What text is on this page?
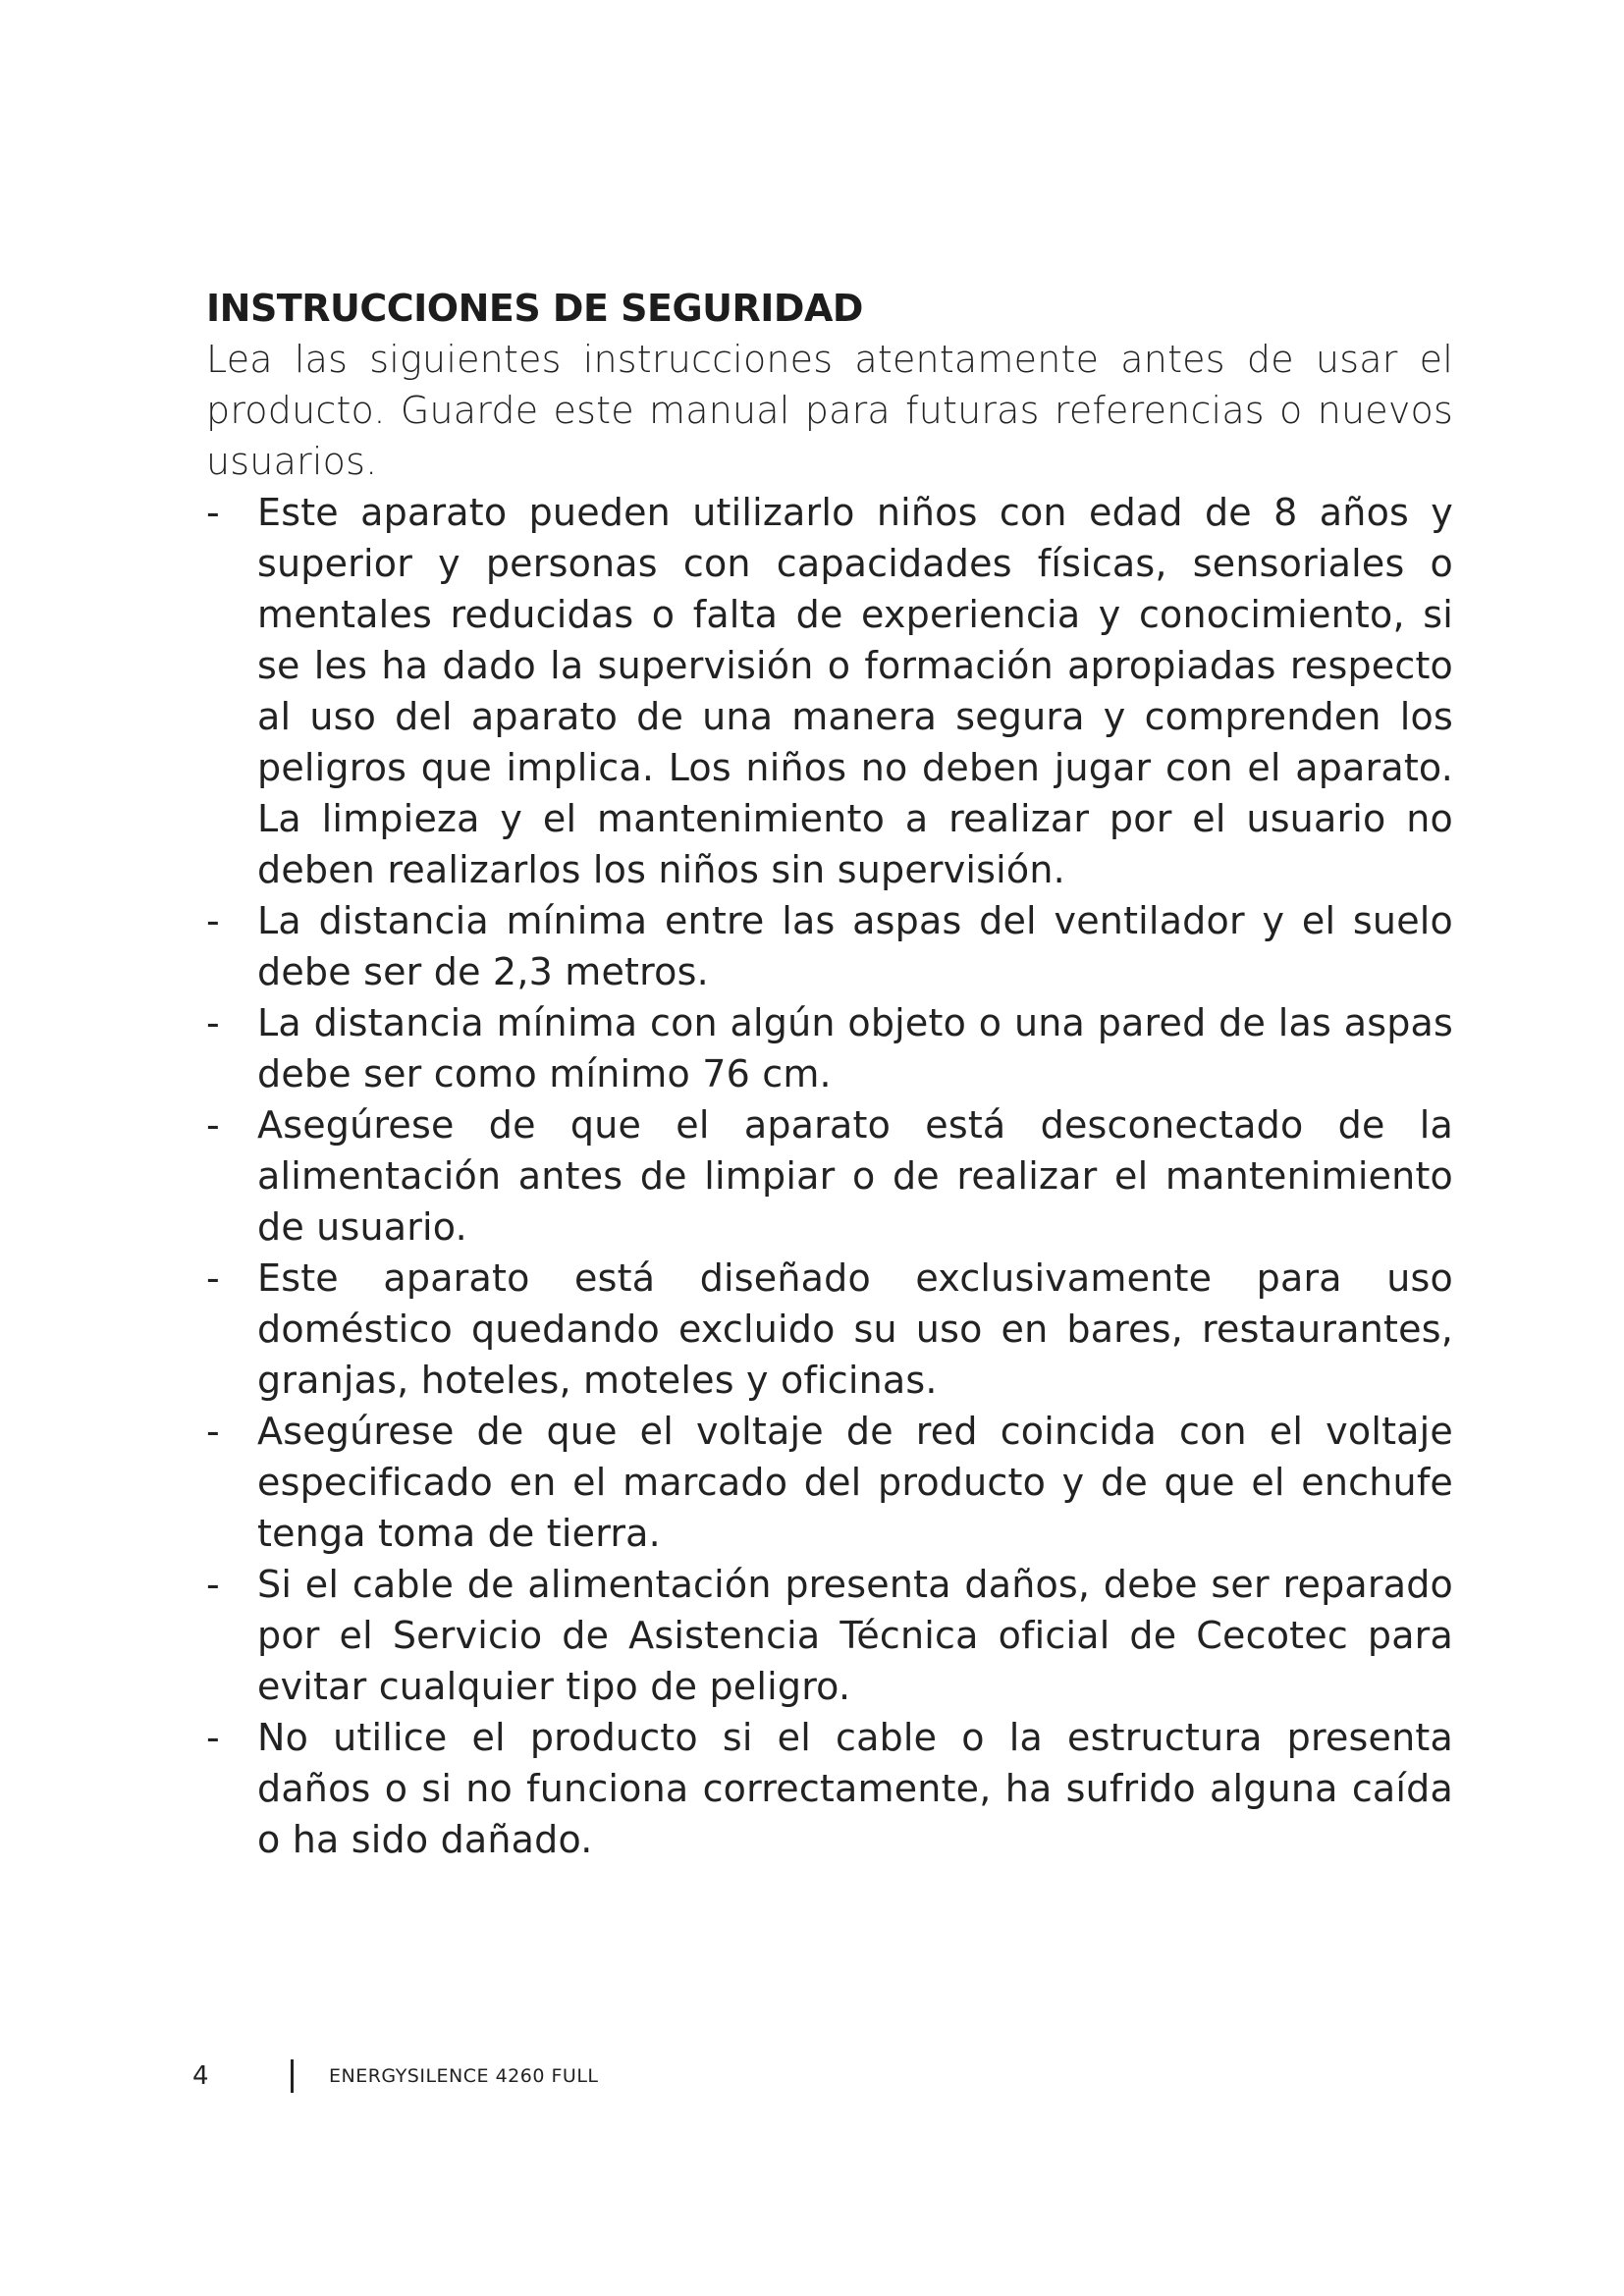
INSTRUCCIONES DE SEGURIDAD

Lea las siguientes instrucciones atentamente antes de usar el producto. Guarde este manual para futuras referencias o nuevos usuarios.

-	Este aparato pueden utilizarlo niños con edad de 8 años y superior y personas con capacidades físicas, sensoriales o mentales reducidas o falta de experiencia y conocimiento, si se les ha dado la supervisión o formación apropiadas respecto al uso del aparato de una manera segura y comprenden los peligros que implica. Los niños no deben jugar con el aparato. La limpieza y el mantenimiento a realizar por el usuario no deben realizarlos los niños sin supervisión.
-	La distancia mínima entre las aspas del ventilador y el suelo debe ser de 2,3 metros.
-	La distancia mínima con algún objeto o una pared de las aspas debe ser como mínimo 76 cm.
-	Asegúrese de que el aparato está desconectado de la alimentación antes de limpiar o de realizar el mantenimiento de usuario.
-	Este aparato está diseñado exclusivamente para uso doméstico quedando excluido su uso en bares, restaurantes, granjas, hoteles, moteles y oficinas.
-	Asegúrese de que el voltaje de red coincida con el voltaje especificado en el marcado del producto y de que el enchufe tenga toma de tierra.
-	Si el cable de alimentación presenta daños, debe ser reparado por el Servicio de Asistencia Técnica oficial de Cecotec para evitar cualquier tipo de peligro.
-	No utilice el producto si el cable o la estructura presenta daños o si no funciona correctamente, ha sufrido alguna caída o ha sido dañado.
4	ENERGYSILENCE 4260 FULL
